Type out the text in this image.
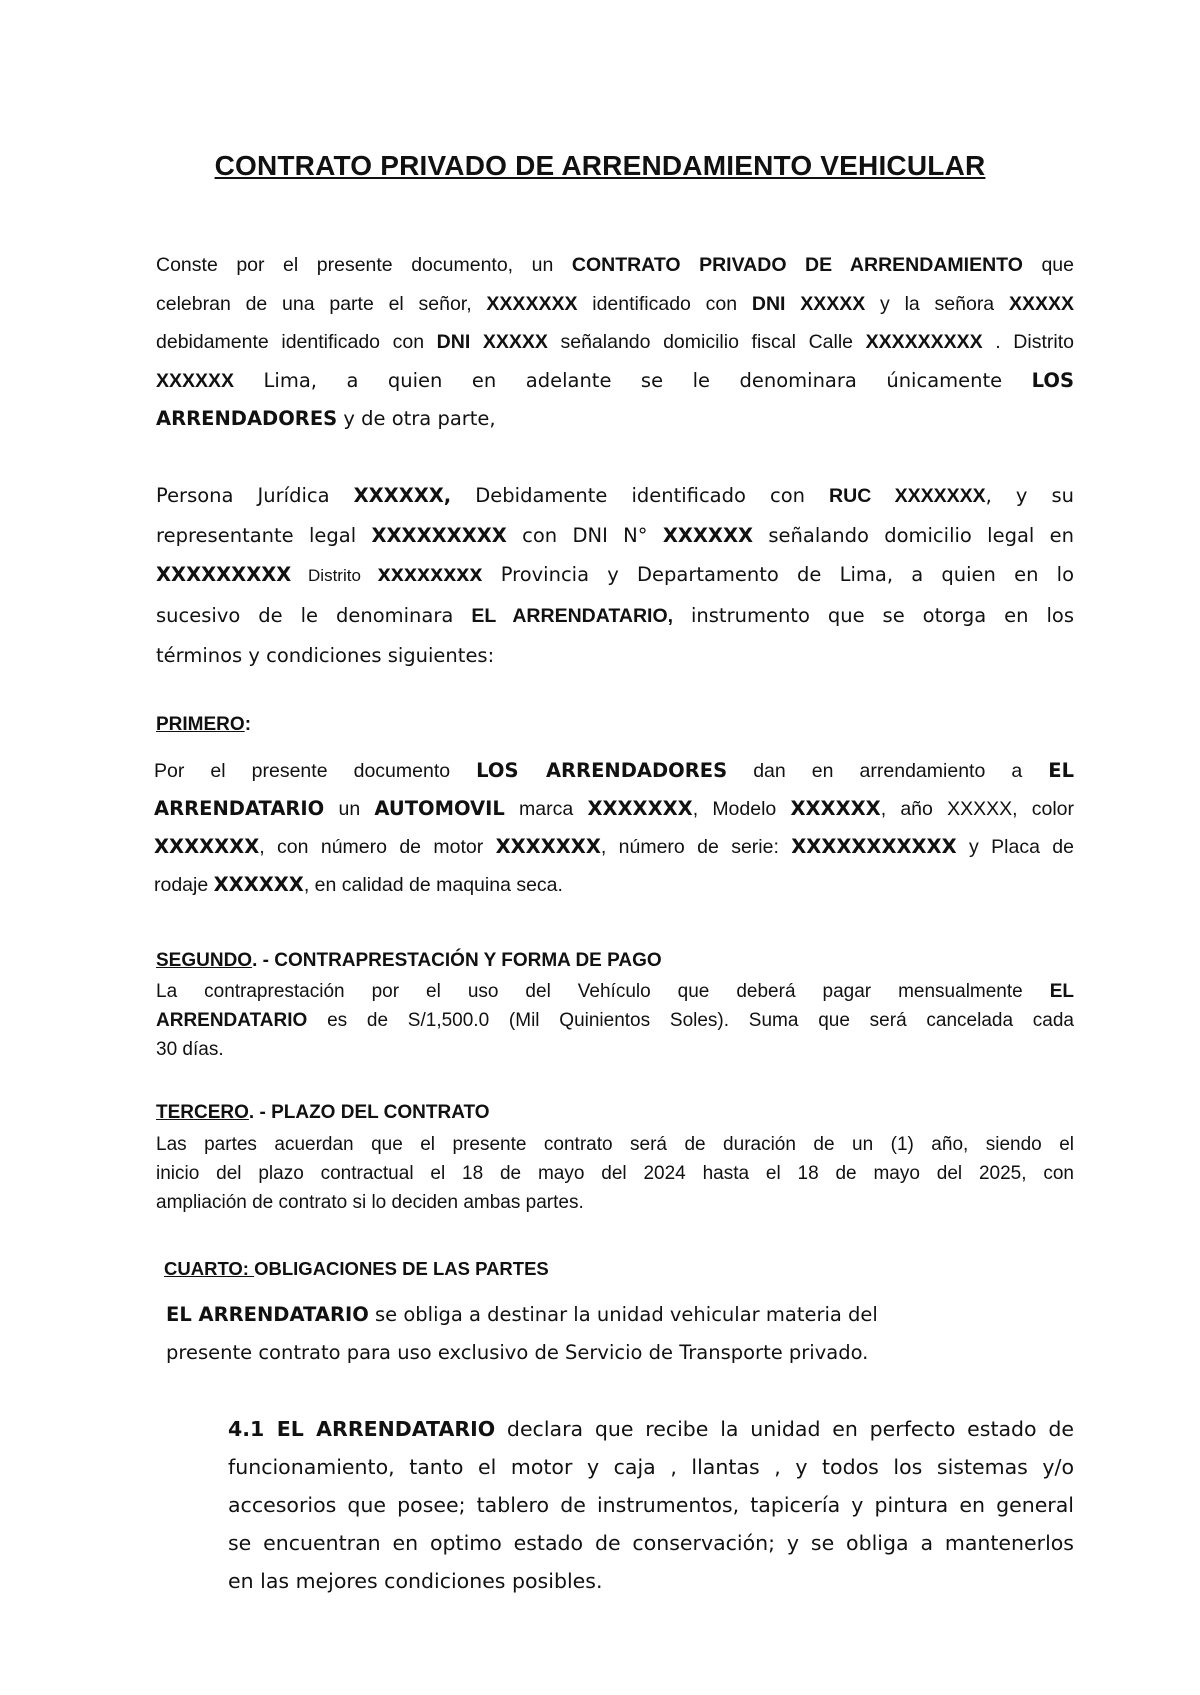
CONTRATO PRIVADO DE ARRENDAMIENTO VEHICULAR
Conste por el presente documento, un CONTRATO PRIVADO DE ARRENDAMIENTO que
celebran de una parte el señor, XXXXXXX identificado con DNI XXXXX y la señora XXXXX
debidamente identificado con DNI XXXXX señalando domicilio fiscal Calle XXXXXXXXX . Distrito
XXXXXX Lima, a quien en adelante se le denominara únicamente LOS
ARRENDADORES y de otra parte,
Persona Jurídica XXXXXX, Debidamente identificado con RUC XXXXXXX, y su
representante legal XXXXXXXXX con DNI N° XXXXXX señalando domicilio legal en
XXXXXXXXX Distrito XXXXXXXX Provincia y Departamento de Lima, a quien en lo
sucesivo de le denominara EL ARRENDATARIO, instrumento que se otorga en los
términos y condiciones siguientes:
PRIMERO:
Por el presente documento LOS ARRENDADORES dan en arrendamiento a EL
ARRENDATARIO un AUTOMOVIL marca XXXXXXX, Modelo XXXXXX, año XXXXX, color
XXXXXXX, con número de motor XXXXXXX, número de serie: XXXXXXXXXXX y Placa de
rodaje XXXXXX, en calidad de maquina seca.
SEGUNDO. - CONTRAPRESTACIÓN Y FORMA DE PAGO
La contraprestación por el uso del Vehículo que deberá pagar mensualmente EL
ARRENDATARIO es de S/1,500.0 (Mil Quinientos Soles). Suma que será cancelada cada
30 días.
TERCERO. - PLAZO DEL CONTRATO
Las partes acuerdan que el presente contrato será de duración de un (1) año, siendo el
inicio del plazo contractual el 18 de mayo del 2024 hasta el 18 de mayo del 2025, con
ampliación de contrato si lo deciden ambas partes.
CUARTO: OBLIGACIONES DE LAS PARTES
EL ARRENDATARIO se obliga a destinar la unidad vehicular materia del
presente contrato para uso exclusivo de Servicio de Transporte privado.
4.1 EL ARRENDATARIO declara que recibe la unidad en perfecto estado de
funcionamiento, tanto el motor y caja , llantas , y todos los sistemas y/o
accesorios que posee; tablero de instrumentos, tapicería y pintura en general
se encuentran en optimo estado de conservación; y se obliga a mantenerlos
en las mejores condiciones posibles.
